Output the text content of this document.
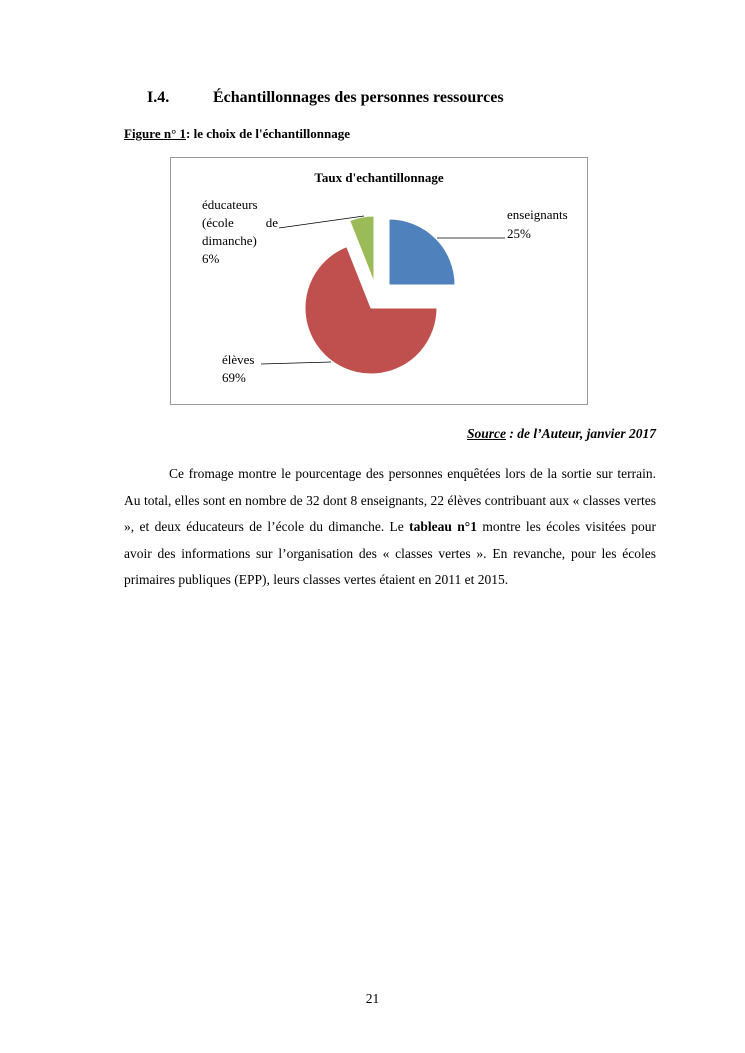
I.4.	Échantillonnages des personnes ressources
Figure n° 1: le choix de l'échantillonnage
Taux d'echantillonnage
enseignants
25%
élèves
69%
éducateurs
(école de
dimanche)
6%
Source : de l’Auteur, janvier 2017

Ce fromage montre le pourcentage des personnes enquêtées lors de la sortie sur terrain. Au total, elles sont en nombre de 32 dont 8 enseignants, 22 élèves contribuant aux « classes vertes », et deux éducateurs de l’école du dimanche. Le tableau n°1 montre les écoles visitées pour avoir des informations sur l’organisation des « classes vertes ». En revanche, pour les écoles primaires publiques (EPP), leurs classes vertes étaient en 2011 et 2015.

21
